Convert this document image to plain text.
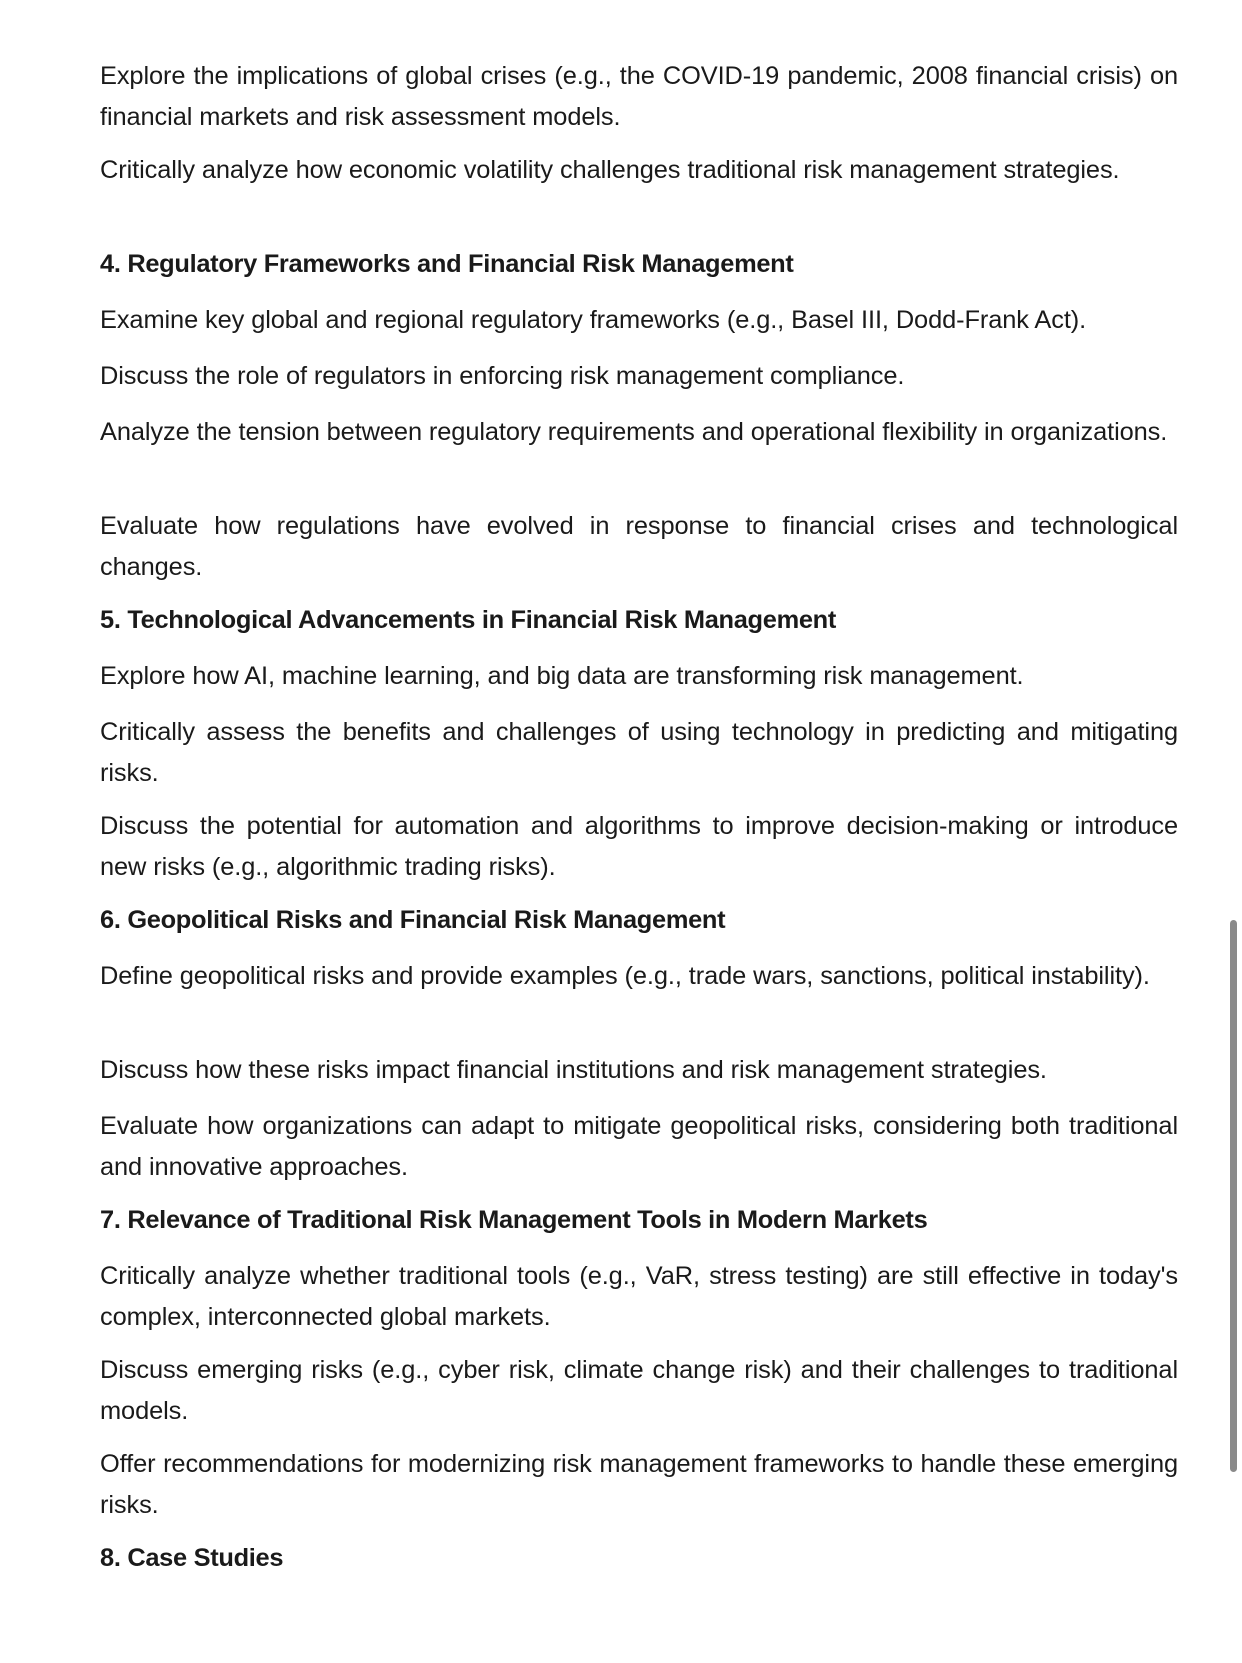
Explore the implications of global crises (e.g., the COVID-19 pandemic, 2008 financial crisis) on financial markets and risk assessment models.

Critically analyze how economic volatility challenges traditional risk management strategies.

4. Regulatory Frameworks and Financial Risk Management

Examine key global and regional regulatory frameworks (e.g., Basel III, Dodd-Frank Act).

Discuss the role of regulators in enforcing risk management compliance.

Analyze the tension between regulatory requirements and operational flexibility in organizations.

Evaluate how regulations have evolved in response to financial crises and technological changes.

5. Technological Advancements in Financial Risk Management

Explore how AI, machine learning, and big data are transforming risk management.

Critically assess the benefits and challenges of using technology in predicting and mitigating risks.

Discuss the potential for automation and algorithms to improve decision-making or introduce new risks (e.g., algorithmic trading risks).

6. Geopolitical Risks and Financial Risk Management

Define geopolitical risks and provide examples (e.g., trade wars, sanctions, political instability).

Discuss how these risks impact financial institutions and risk management strategies.

Evaluate how organizations can adapt to mitigate geopolitical risks, considering both traditional and innovative approaches.

7. Relevance of Traditional Risk Management Tools in Modern Markets

Critically analyze whether traditional tools (e.g., VaR, stress testing) are still effective in today's complex, interconnected global markets.

Discuss emerging risks (e.g., cyber risk, climate change risk) and their challenges to traditional models.

Offer recommendations for modernizing risk management frameworks to handle these emerging risks.

8. Case Studies
